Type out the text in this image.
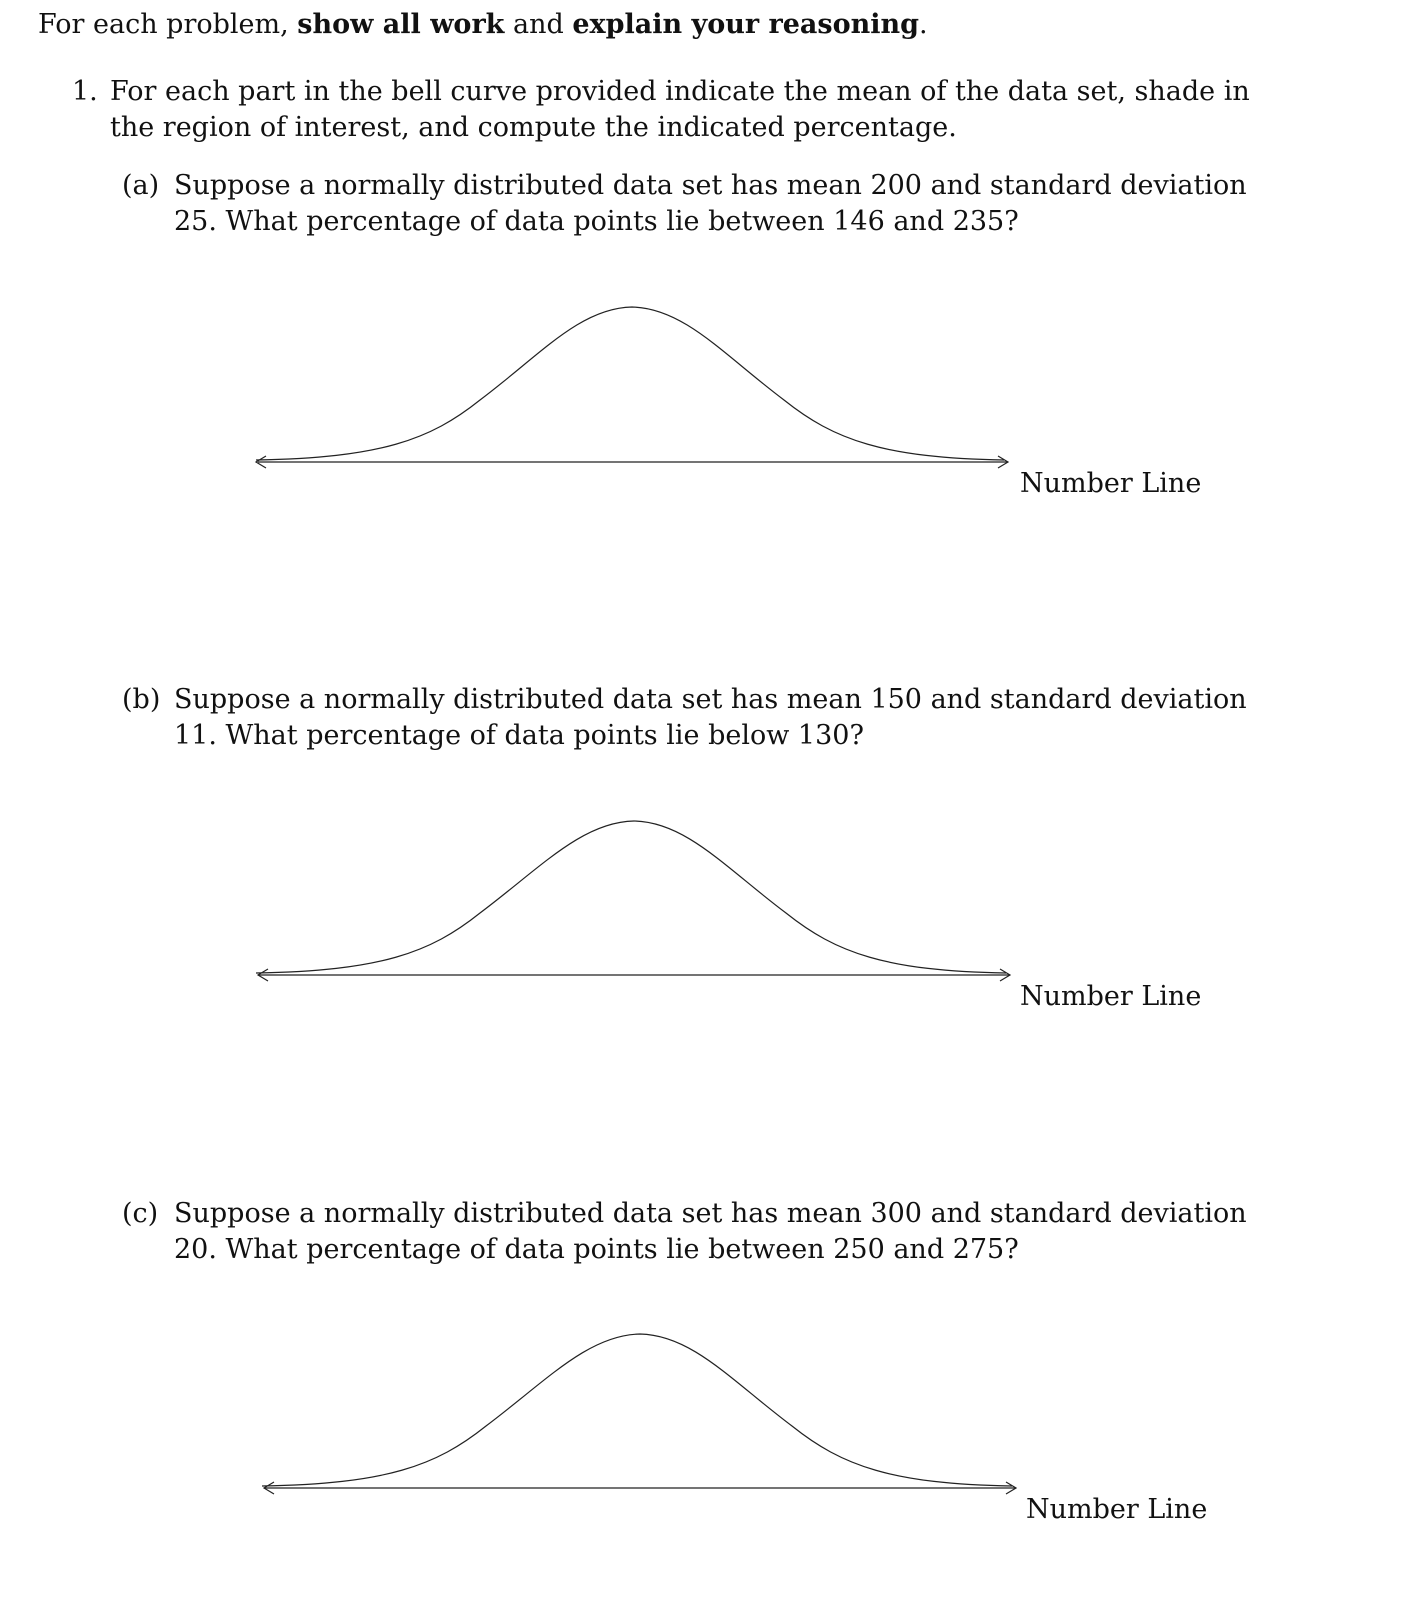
For each problem, show all work and explain your reasoning.
1. For each part in the bell curve provided indicate the mean of the data set, shade in the region of interest, and compute the indicated percentage.
(a) Suppose a normally distributed data set has mean 200 and standard deviation 25. What percentage of data points lie between 146 and 235?
Number Line
(b) Suppose a normally distributed data set has mean 150 and standard deviation 11. What percentage of data points lie below 130?
Number Line
(c) Suppose a normally distributed data set has mean 300 and standard deviation 20. What percentage of data points lie between 250 and 275?
Number Line
